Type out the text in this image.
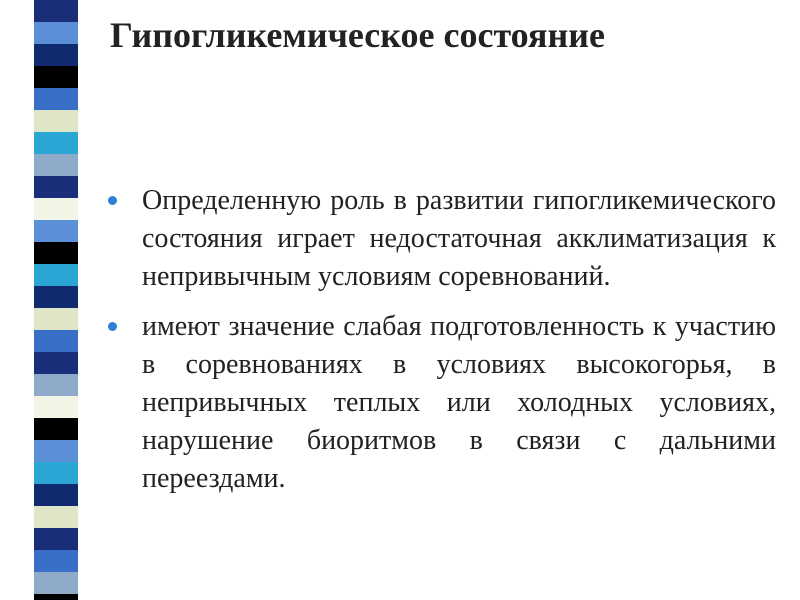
Гипогликемическое состояние
Определенную роль в развитии гипогликемического состояния играет недостаточная акклиматизация к непривычным условиям соревнований.
имеют значение слабая подготовленность к участию в соревнованиях в условиях высокогорья, в непривычных теплых или холодных условиях, нарушение биоритмов в связи с дальними переездами.
